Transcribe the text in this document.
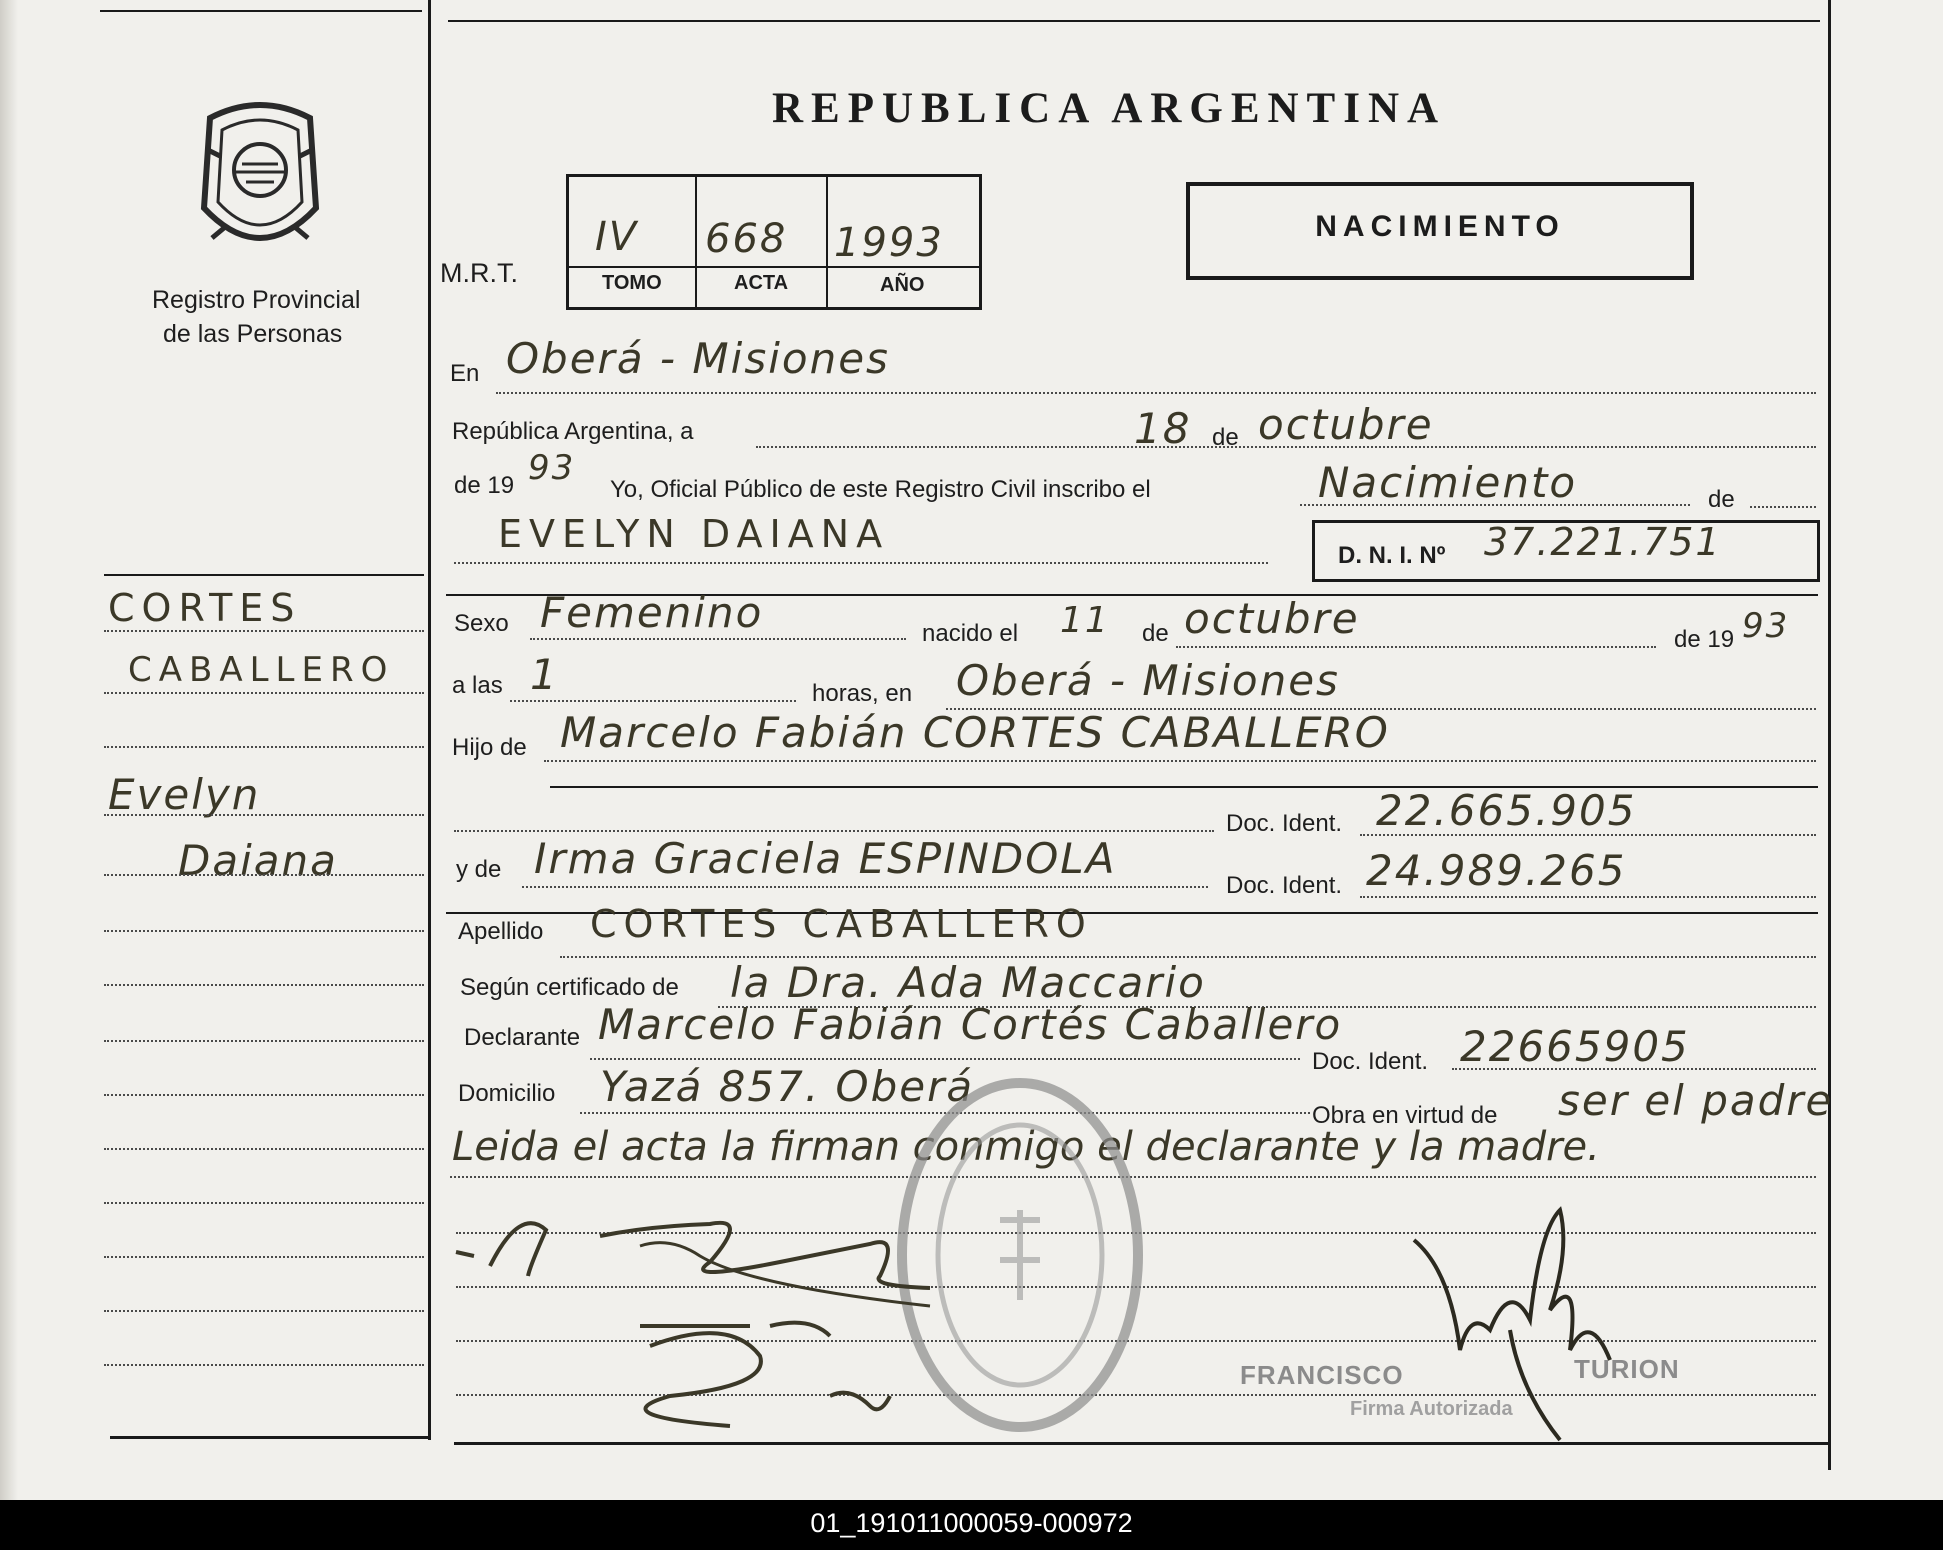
Registro Provincial
de las Personas
REPUBLICA ARGENTINA
M.R.T.
IV 668 1993
TOMO	ACTA	AÑO
NACIMIENTO
CORTES
CABALLERO
Evelyn
Daiana
En Oberá - Misiones
República Argentina, a	18 de octubre
de 19 93
Yo, Oficial Público de este Registro Civil inscribo el	Nacimiento	de
EVELYN DAIANA	D. N. I. Nº 37.221.751
Sexo Femenino	nacido el 11 de octubre	de 19 93
a las 1	horas, en Oberá - Misiones
Hijo de Marcelo Fabián CORTES CABALLERO
Doc. Ident. 22.665.905
y de Irma Graciela ESPINDOLA
Doc. Ident. 24.989.265
Apellido CORTES CABALLERO
Según certificado de la Dra. Ada Maccario
Declarante Marcelo Fabián Cortés Caballero
Doc. Ident. 22665905
Domicilio Yazá 857. Oberá
Obra en virtud de ser el padre
Leida el acta la firman conmigo el declarante y la madre.
FRANCISCO	TURION
Firma Autorizada
01_191011000059-000972
